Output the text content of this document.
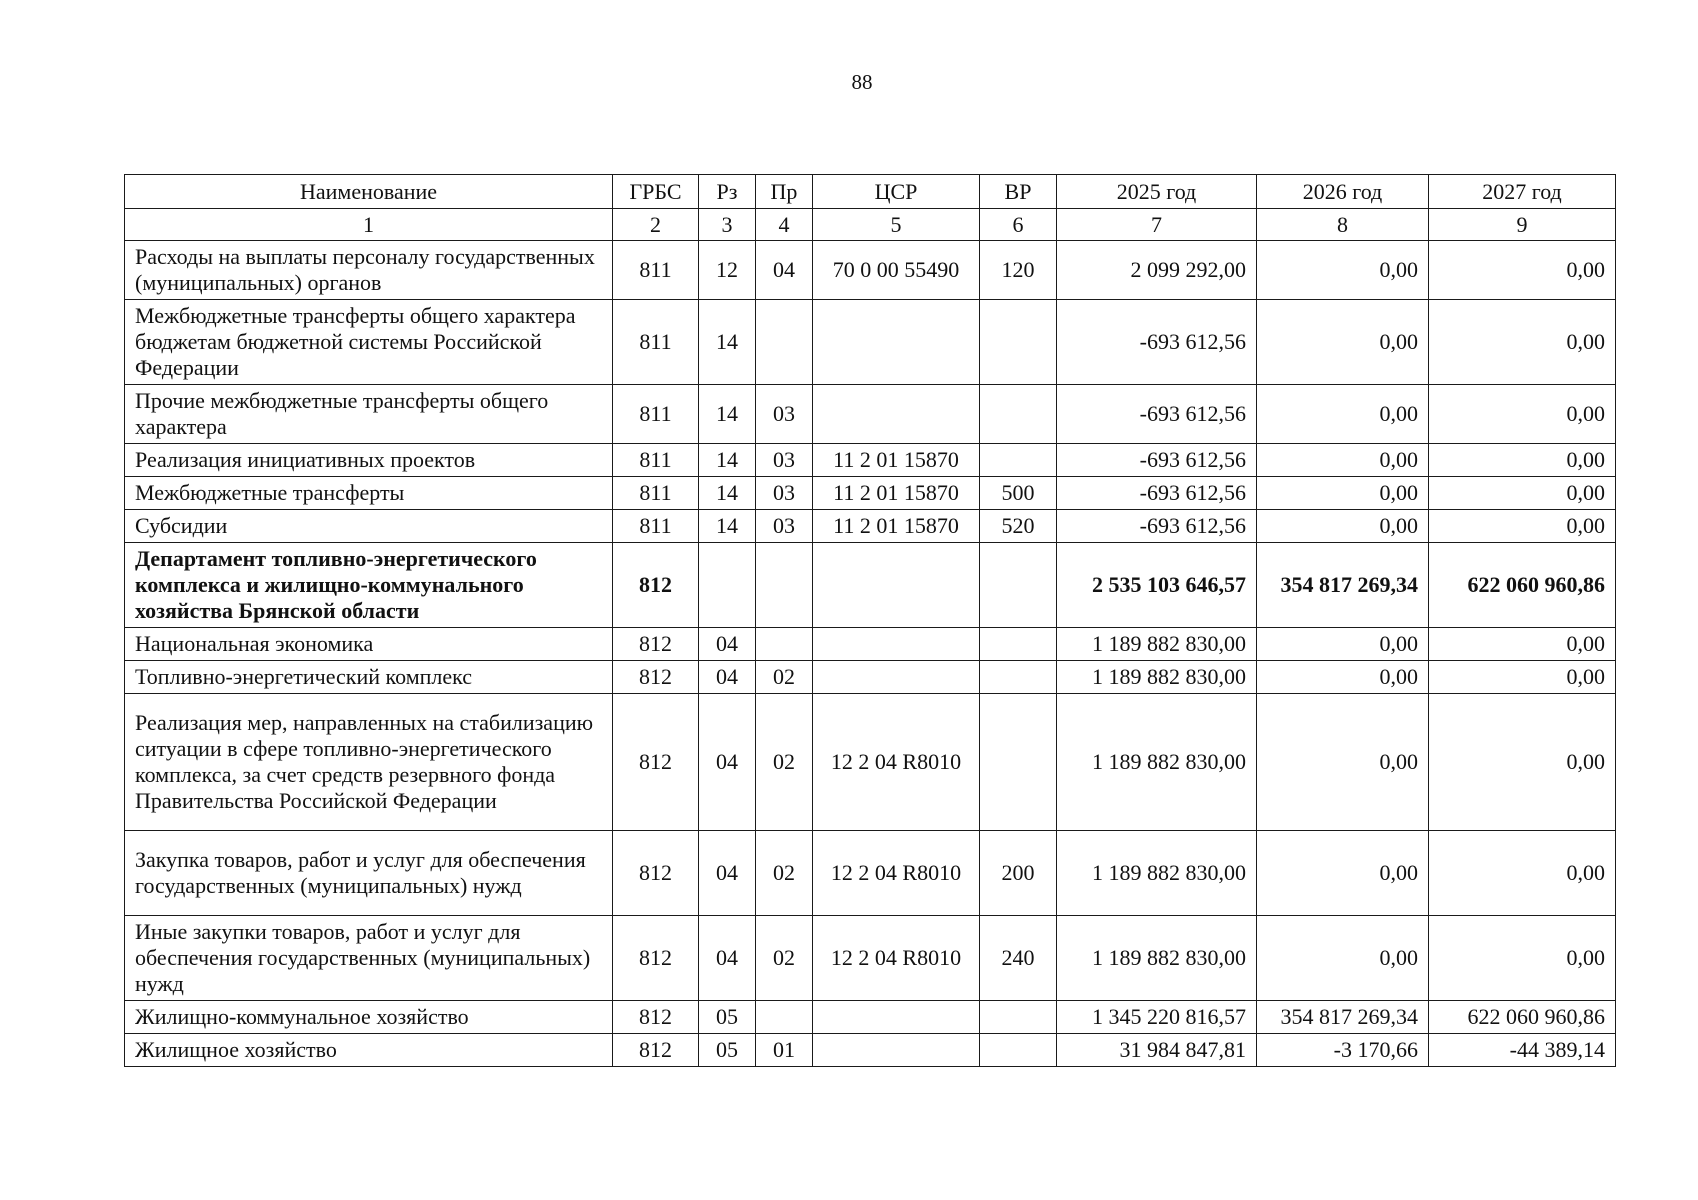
88
Наименование	ГРБС	Рз	Пр	ЦСР	ВР	2025 год	2026 год	2027 год
1	2	3	4	5	6	7	8	9
Расходы на выплаты персоналу государственных (муниципальных) органов	811	12	04	70 0 00 55490	120	2 099 292,00	0,00	0,00
Межбюджетные трансферты общего характера бюджетам бюджетной системы Российской Федерации	811	14				-693 612,56	0,00	0,00
Прочие межбюджетные трансферты общего характера	811	14	03			-693 612,56	0,00	0,00
Реализация инициативных проектов	811	14	03	11 2 01 15870		-693 612,56	0,00	0,00
Межбюджетные трансферты	811	14	03	11 2 01 15870	500	-693 612,56	0,00	0,00
Субсидии	811	14	03	11 2 01 15870	520	-693 612,56	0,00	0,00
Департамент топливно-энергетического комплекса и жилищно-коммунального хозяйства Брянской области	812					2 535 103 646,57	354 817 269,34	622 060 960,86
Национальная экономика	812	04				1 189 882 830,00	0,00	0,00
Топливно-энергетический комплекс	812	04	02			1 189 882 830,00	0,00	0,00
Реализация мер, направленных на стабилизацию ситуации в сфере топливно-энергетического комплекса, за счет средств резервного фонда Правительства Российской Федерации	812	04	02	12 2 04 R8010		1 189 882 830,00	0,00	0,00
Закупка товаров, работ и услуг для обеспечения государственных (муниципальных) нужд	812	04	02	12 2 04 R8010	200	1 189 882 830,00	0,00	0,00
Иные закупки товаров, работ и услуг для обеспечения государственных (муниципальных) нужд	812	04	02	12 2 04 R8010	240	1 189 882 830,00	0,00	0,00
Жилищно-коммунальное хозяйство	812	05				1 345 220 816,57	354 817 269,34	622 060 960,86
Жилищное хозяйство	812	05	01			31 984 847,81	-3 170,66	-44 389,14
